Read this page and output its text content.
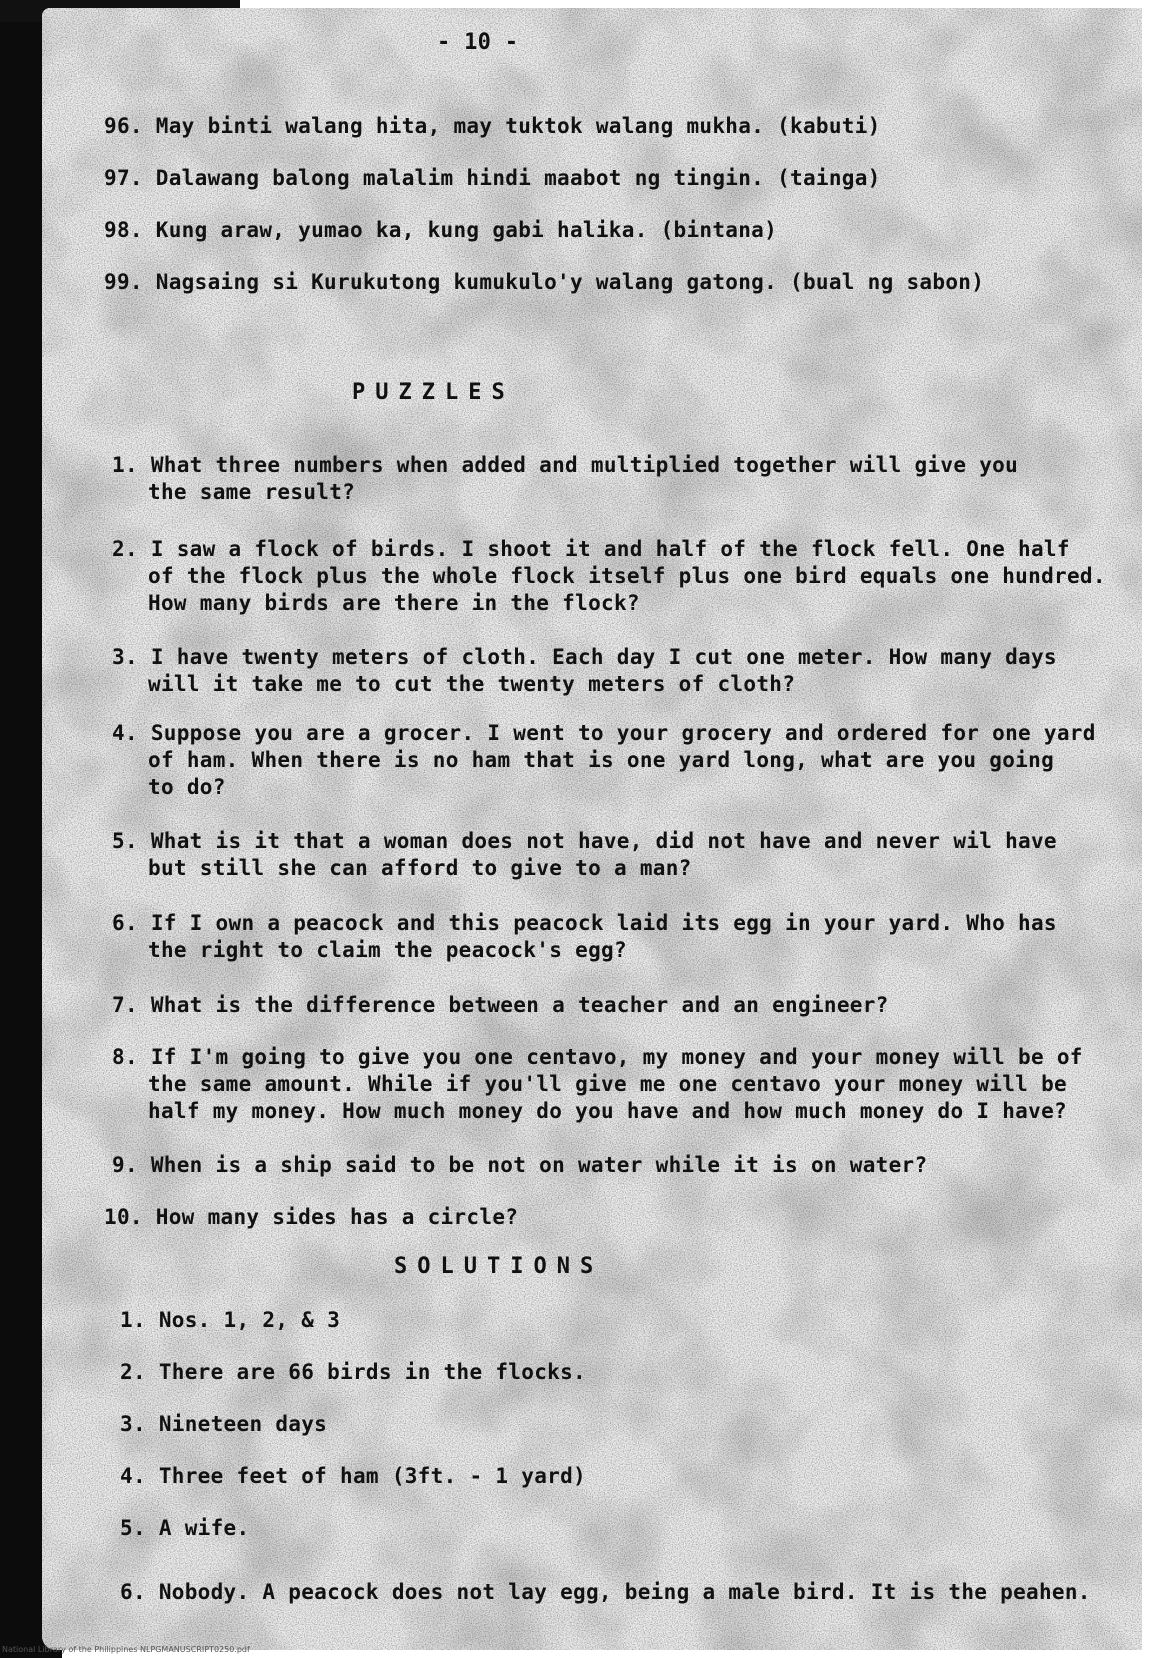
- 10 -
96. May binti walang hita, may tuktok walang mukha. (kabuti)
97. Dalawang balong malalim hindi maabot ng tingin. (tainga)
98. Kung araw, yumao ka, kung gabi halika. (bintana)
99. Nagsaing si Kurukutong kumukulo'y walang gatong. (bual ng sabon)
PUZZLES
1. What three numbers when added and multiplied together will give you
the same result?
2. I saw a flock of birds. I shoot it and half of the flock fell. One half
of the flock plus the whole flock itself plus one bird equals one hundred.
How many birds are there in the flock?
3. I have twenty meters of cloth. Each day I cut one meter. How many days
will it take me to cut the twenty meters of cloth?
4. Suppose you are a grocer. I went to your grocery and ordered for one yard
of ham. When there is no ham that is one yard long, what are you going
to do?
5. What is it that a woman does not have, did not have and never wil have
but still she can afford to give to a man?
6. If I own a peacock and this peacock laid its egg in your yard. Who has
the right to claim the peacock's egg?
7. What is the difference between a teacher and an engineer?
8. If I'm going to give you one centavo, my money and your money will be of
the same amount. While if you'll give me one centavo your money will be
half my money. How much money do you have and how much money do I have?
9. When is a ship said to be not on water while it is on water?
10. How many sides has a circle?
SOLUTIONS
1. Nos. 1, 2, & 3
2. There are 66 birds in the flocks.
3. Nineteen days
4. Three feet of ham (3ft. - 1 yard)
5. A wife.
6. Nobody. A peacock does not lay egg, being a male bird. It is the peahen.
National Library of the Philippines NLPGMANUSCRIPT0250.pdf
